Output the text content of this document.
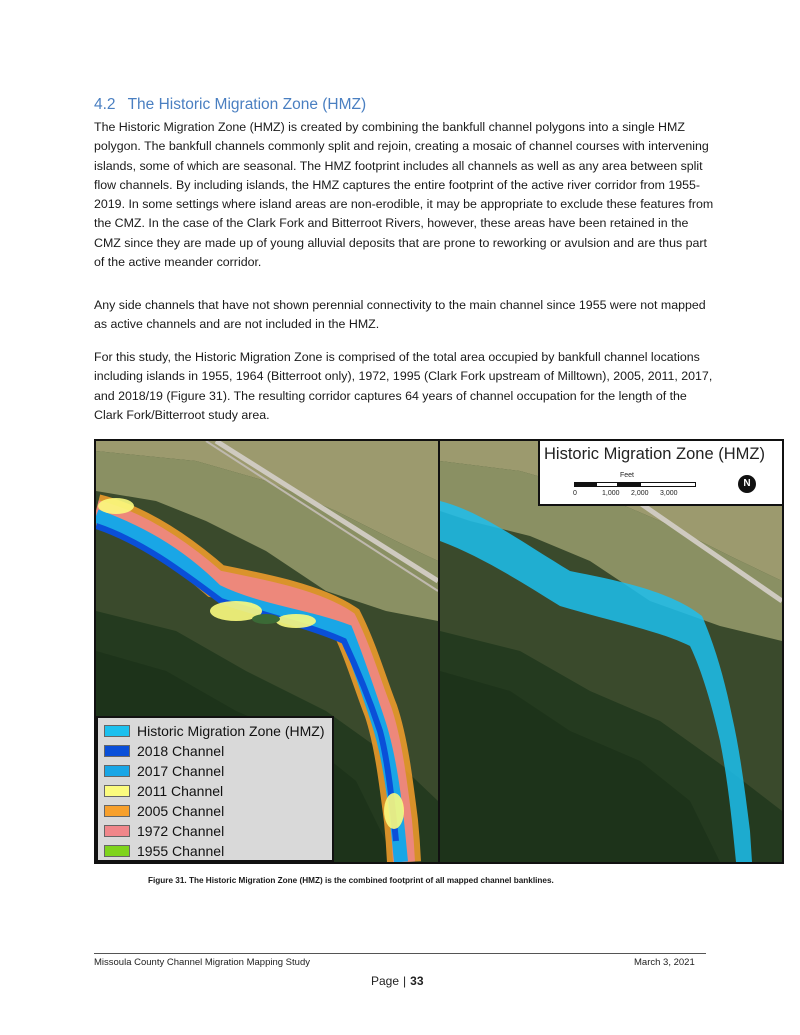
4.2 The Historic Migration Zone (HMZ)

The Historic Migration Zone (HMZ) is created by combining the bankfull channel polygons into a single HMZ polygon. The bankfull channels commonly split and rejoin, creating a mosaic of channel courses with intervening islands, some of which are seasonal. The HMZ footprint includes all channels as well as any area between split flow channels. By including islands, the HMZ captures the entire footprint of the active river corridor from 1955-2019. In some settings where island areas are non-erodible, it may be appropriate to exclude these features from the CMZ. In the case of the Clark Fork and Bitterroot Rivers, however, these areas have been retained in the CMZ since they are made up of young alluvial deposits that are prone to reworking or avulsion and are thus part of the active meander corridor.

Any side channels that have not shown perennial connectivity to the main channel since 1955 were not mapped as active channels and are not included in the HMZ.

For this study, the Historic Migration Zone is comprised of the total area occupied by bankfull channel locations including islands in 1955, 1964 (Bitterroot only), 1972, 1995 (Clark Fork upstream of Milltown), 2005, 2011, 2017, and 2018/19 (Figure 31). The resulting corridor captures 64 years of channel occupation for the length of the Clark Fork/Bitterroot study area.

Historic Migration Zone (HMZ)
Feet
0	1,000 2,000 3,000
N
Historic Migration Zone (HMZ)
2018 Channel
2017 Channel
2011 Channel
2005 Channel
1972 Channel
1955 Channel
Figure 31. The Historic Migration Zone (HMZ) is the combined footprint of all mapped channel banklines.
Missoula County Channel Migration Mapping Study	March 3, 2021
Page | 33
